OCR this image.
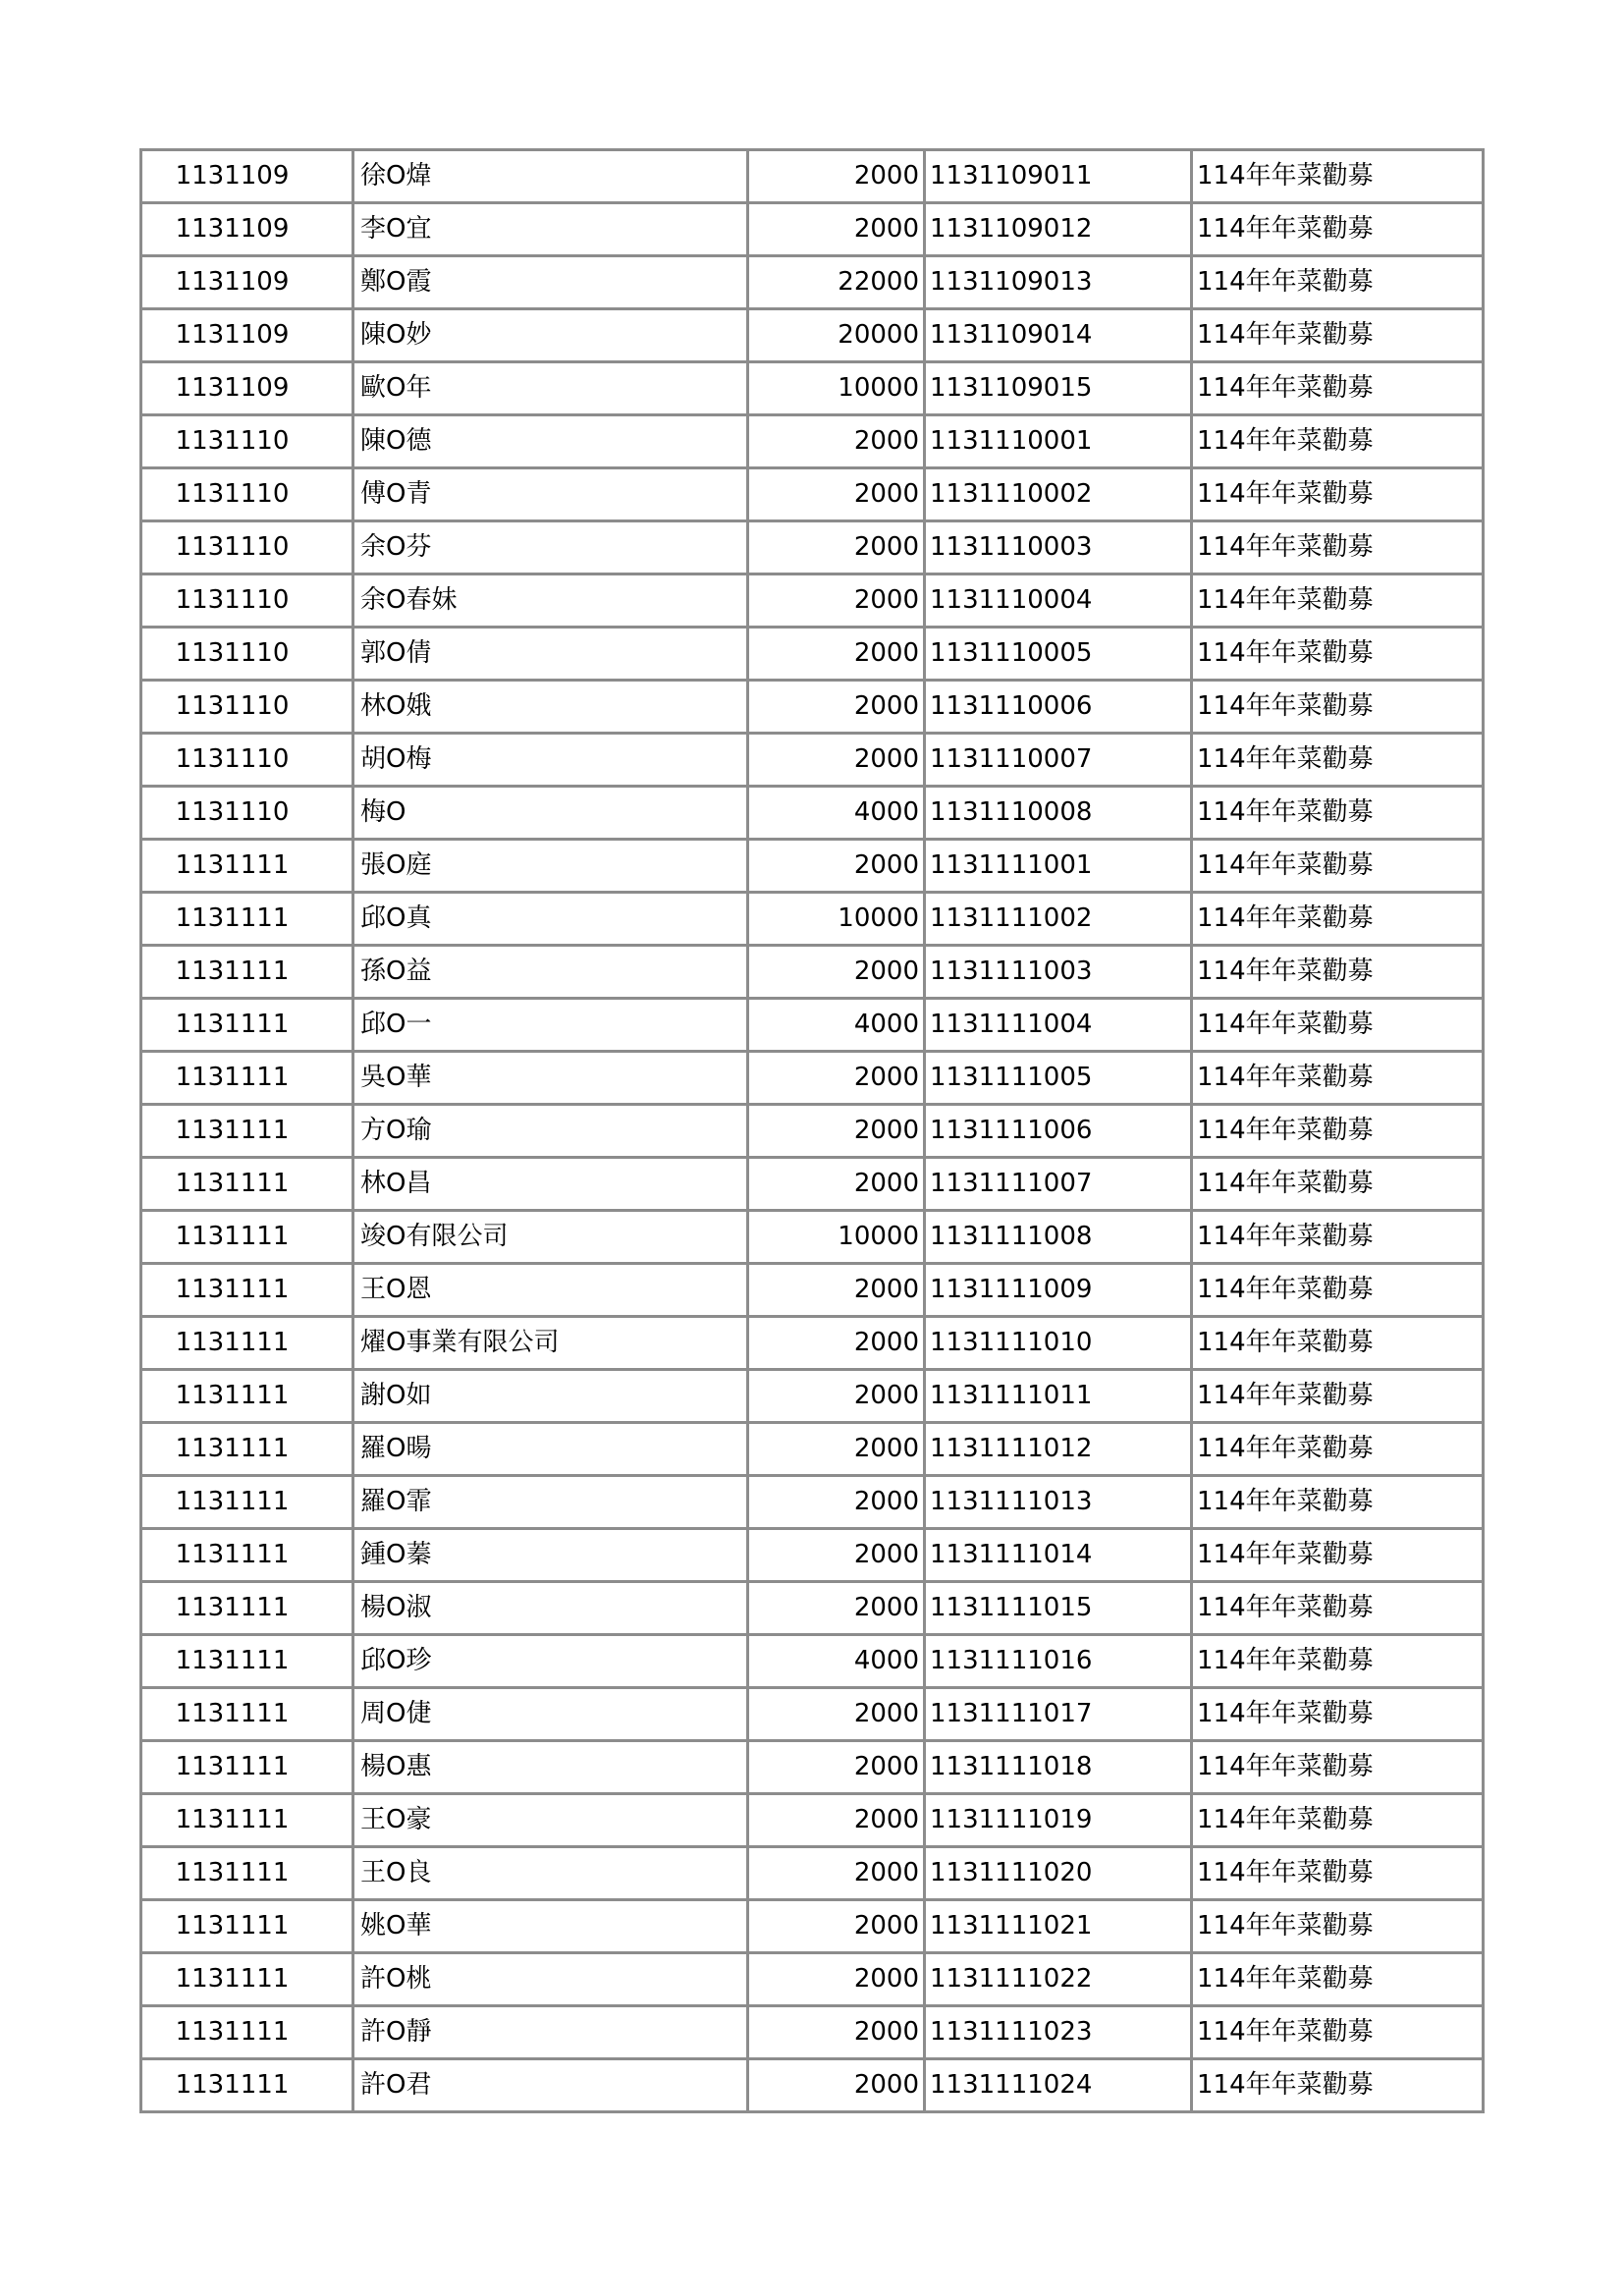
1131109	徐O煒	2000	1131109011	114年年菜勸募
1131109	李O宜	2000	1131109012	114年年菜勸募
1131109	鄭O霞	22000	1131109013	114年年菜勸募
1131109	陳O妙	20000	1131109014	114年年菜勸募
1131109	歐O年	10000	1131109015	114年年菜勸募
1131110	陳O德	2000	1131110001	114年年菜勸募
1131110	傅O青	2000	1131110002	114年年菜勸募
1131110	余O芬	2000	1131110003	114年年菜勸募
1131110	余O春妹	2000	1131110004	114年年菜勸募
1131110	郭O倩	2000	1131110005	114年年菜勸募
1131110	林O娥	2000	1131110006	114年年菜勸募
1131110	胡O梅	2000	1131110007	114年年菜勸募
1131110	梅O	4000	1131110008	114年年菜勸募
1131111	張O庭	2000	1131111001	114年年菜勸募
1131111	邱O真	10000	1131111002	114年年菜勸募
1131111	孫O益	2000	1131111003	114年年菜勸募
1131111	邱O一	4000	1131111004	114年年菜勸募
1131111	吳O華	2000	1131111005	114年年菜勸募
1131111	方O瑜	2000	1131111006	114年年菜勸募
1131111	林O昌	2000	1131111007	114年年菜勸募
1131111	竣O有限公司	10000	1131111008	114年年菜勸募
1131111	王O恩	2000	1131111009	114年年菜勸募
1131111	燿O事業有限公司	2000	1131111010	114年年菜勸募
1131111	謝O如	2000	1131111011	114年年菜勸募
1131111	羅O暘	2000	1131111012	114年年菜勸募
1131111	羅O霏	2000	1131111013	114年年菜勸募
1131111	鍾O蓁	2000	1131111014	114年年菜勸募
1131111	楊O淑	2000	1131111015	114年年菜勸募
1131111	邱O珍	4000	1131111016	114年年菜勸募
1131111	周O倢	2000	1131111017	114年年菜勸募
1131111	楊O惠	2000	1131111018	114年年菜勸募
1131111	王O豪	2000	1131111019	114年年菜勸募
1131111	王O良	2000	1131111020	114年年菜勸募
1131111	姚O華	2000	1131111021	114年年菜勸募
1131111	許O桃	2000	1131111022	114年年菜勸募
1131111	許O靜	2000	1131111023	114年年菜勸募
1131111	許O君	2000	1131111024	114年年菜勸募
